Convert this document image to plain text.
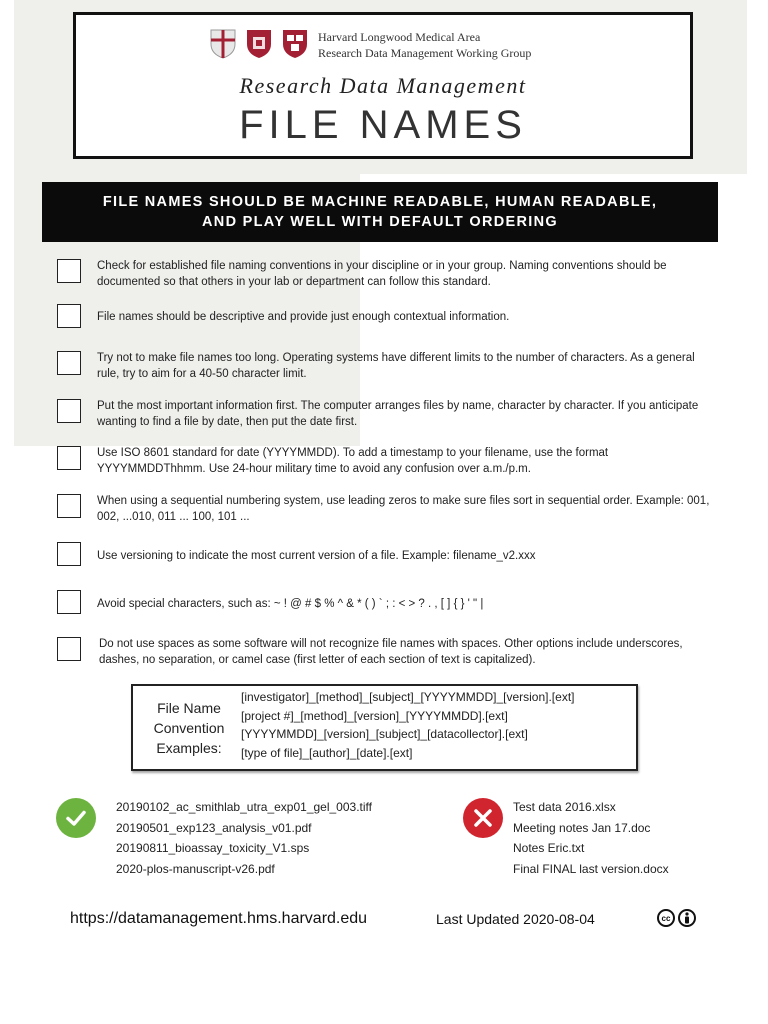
Harvard Longwood Medical Area
Research Data Management Working Group
Research Data Management
FILE NAMES
FILE NAMES SHOULD BE MACHINE READABLE, HUMAN READABLE,
AND PLAY WELL WITH DEFAULT ORDERING
Check for established file naming conventions in your discipline or in your group. Naming conventions should be documented so that others in your lab or department can follow this standard.
File names should be descriptive and provide just enough contextual information.
Try not to make file names too long. Operating systems have different limits to the number of characters. As a general rule, try to aim for a 40-50 character limit.
Put the most important information first. The computer arranges files by name, character by character. If you anticipate wanting to find a file by date, then put the date first.
Use ISO 8601 standard for date (YYYYMMDD). To add a timestamp to your filename, use the format YYYYMMDDThhmm. Use 24-hour military time to avoid any confusion over a.m./p.m.
When using a sequential numbering system, use leading zeros to make sure files sort in sequential order. Example: 001, 002, ...010, 011 ... 100, 101 ...
Use versioning to indicate the most current version of a file. Example: filename_v2.xxx
Avoid special characters, such as: ~ ! @ # $ % ^ & * ( ) ` ; : < > ? . , [ ] { } ' " |
Do not use spaces as some software will not recognize file names with spaces. Other options include underscores, dashes, no separation, or camel case (first letter of each section of text is capitalized).
File Name
Convention
Examples:
[investigator]_[method]_[subject]_[YYYYMMDD]_[version].[ext]
[project #]_[method]_[version]_[YYYYMMDD].[ext]
[YYYYMMDD]_[version]_[subject]_[datacollector].[ext]
[type of file]_[author]_[date].[ext]
20190102_ac_smithlab_utra_exp01_gel_003.tiff
20190501_exp123_analysis_v01.pdf
20190811_bioassay_toxicity_V1.sps
2020-plos-manuscript-v26.pdf
Test data 2016.xlsx
Meeting notes Jan 17.doc
Notes Eric.txt
Final FINAL last version.docx
https://datamanagement.hms.harvard.edu	Last Updated 2020-08-04	cc
